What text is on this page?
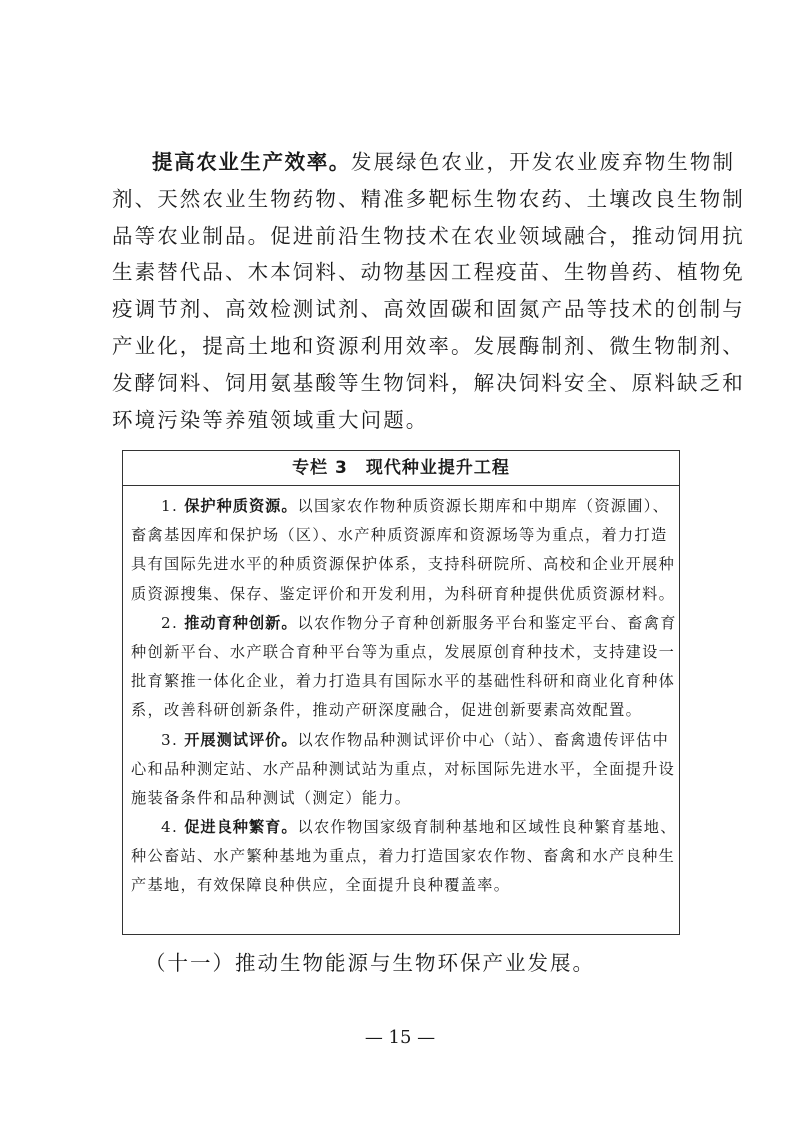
提高农业生产效率。发展绿色农业，开发农业废弃物生物制
剂、天然农业生物药物、精准多靶标生物农药、土壤改良生物制
品等农业制品。促进前沿生物技术在农业领域融合，推动饲用抗
生素替代品、木本饲料、动物基因工程疫苗、生物兽药、植物免
疫调节剂、高效检测试剂、高效固碳和固氮产品等技术的创制与
产业化，提高土地和资源利用效率。发展酶制剂、微生物制剂、
发酵饲料、饲用氨基酸等生物饲料，解决饲料安全、原料缺乏和
环境污染等养殖领域重大问题。
专栏 3 现代种业提升工程
1. 保护种质资源。以国家农作物种质资源长期库和中期库（资源圃）、
畜禽基因库和保护场（区）、水产种质资源库和资源场等为重点，着力打造
具有国际先进水平的种质资源保护体系，支持科研院所、高校和企业开展种
质资源搜集、保存、鉴定评价和开发利用，为科研育种提供优质资源材料。
2. 推动育种创新。以农作物分子育种创新服务平台和鉴定平台、畜禽育
种创新平台、水产联合育种平台等为重点，发展原创育种技术，支持建设一
批育繁推一体化企业，着力打造具有国际水平的基础性科研和商业化育种体
系，改善科研创新条件，推动产研深度融合，促进创新要素高效配置。
3. 开展测试评价。以农作物品种测试评价中心（站）、畜禽遗传评估中
心和品种测定站、水产品种测试站为重点，对标国际先进水平，全面提升设
施装备条件和品种测试（测定）能力。
4. 促进良种繁育。以农作物国家级育制种基地和区域性良种繁育基地、
种公畜站、水产繁种基地为重点，着力打造国家农作物、畜禽和水产良种生
产基地，有效保障良种供应，全面提升良种覆盖率。
（十一）推动生物能源与生物环保产业发展。
— 15 —
